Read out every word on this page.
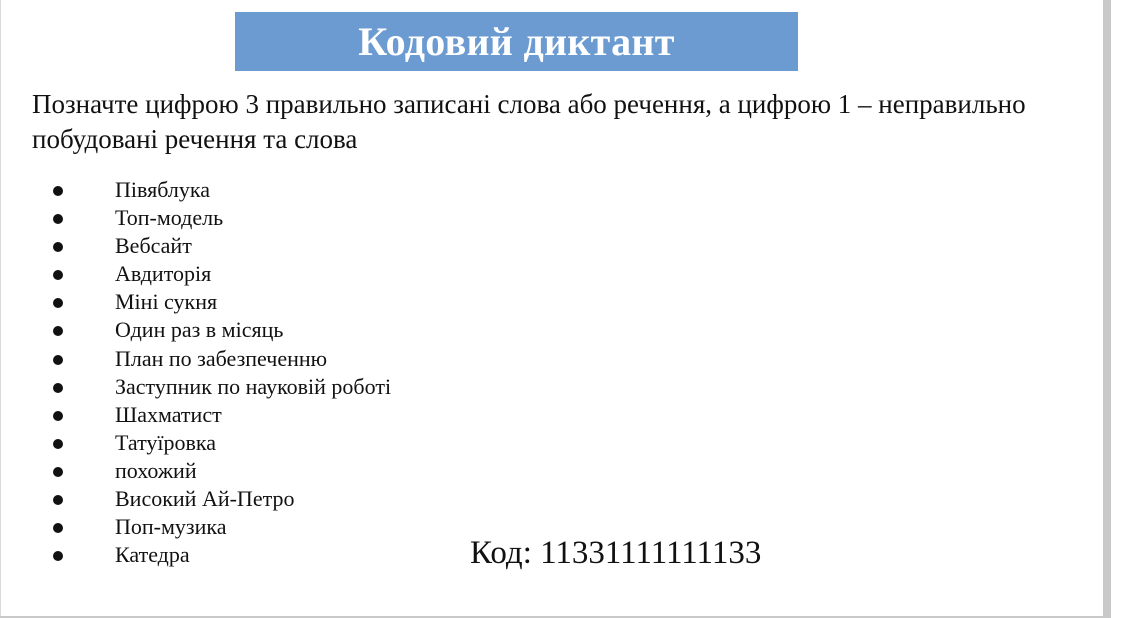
Кодовий диктант
Позначте цифрою 3 правильно записані слова або речення, а цифрою 1 – неправильно побудовані речення та слова
Півяблука
Топ-модель
Вебсайт
Авдиторія
Міні сукня
Один раз в місяць
План по забезпеченню
Заступник по науковій роботі
Шахматист
Татуїровка
похожий
Високий Ай-Петро
Поп-музика
Катедра	Код: 11331111111133
